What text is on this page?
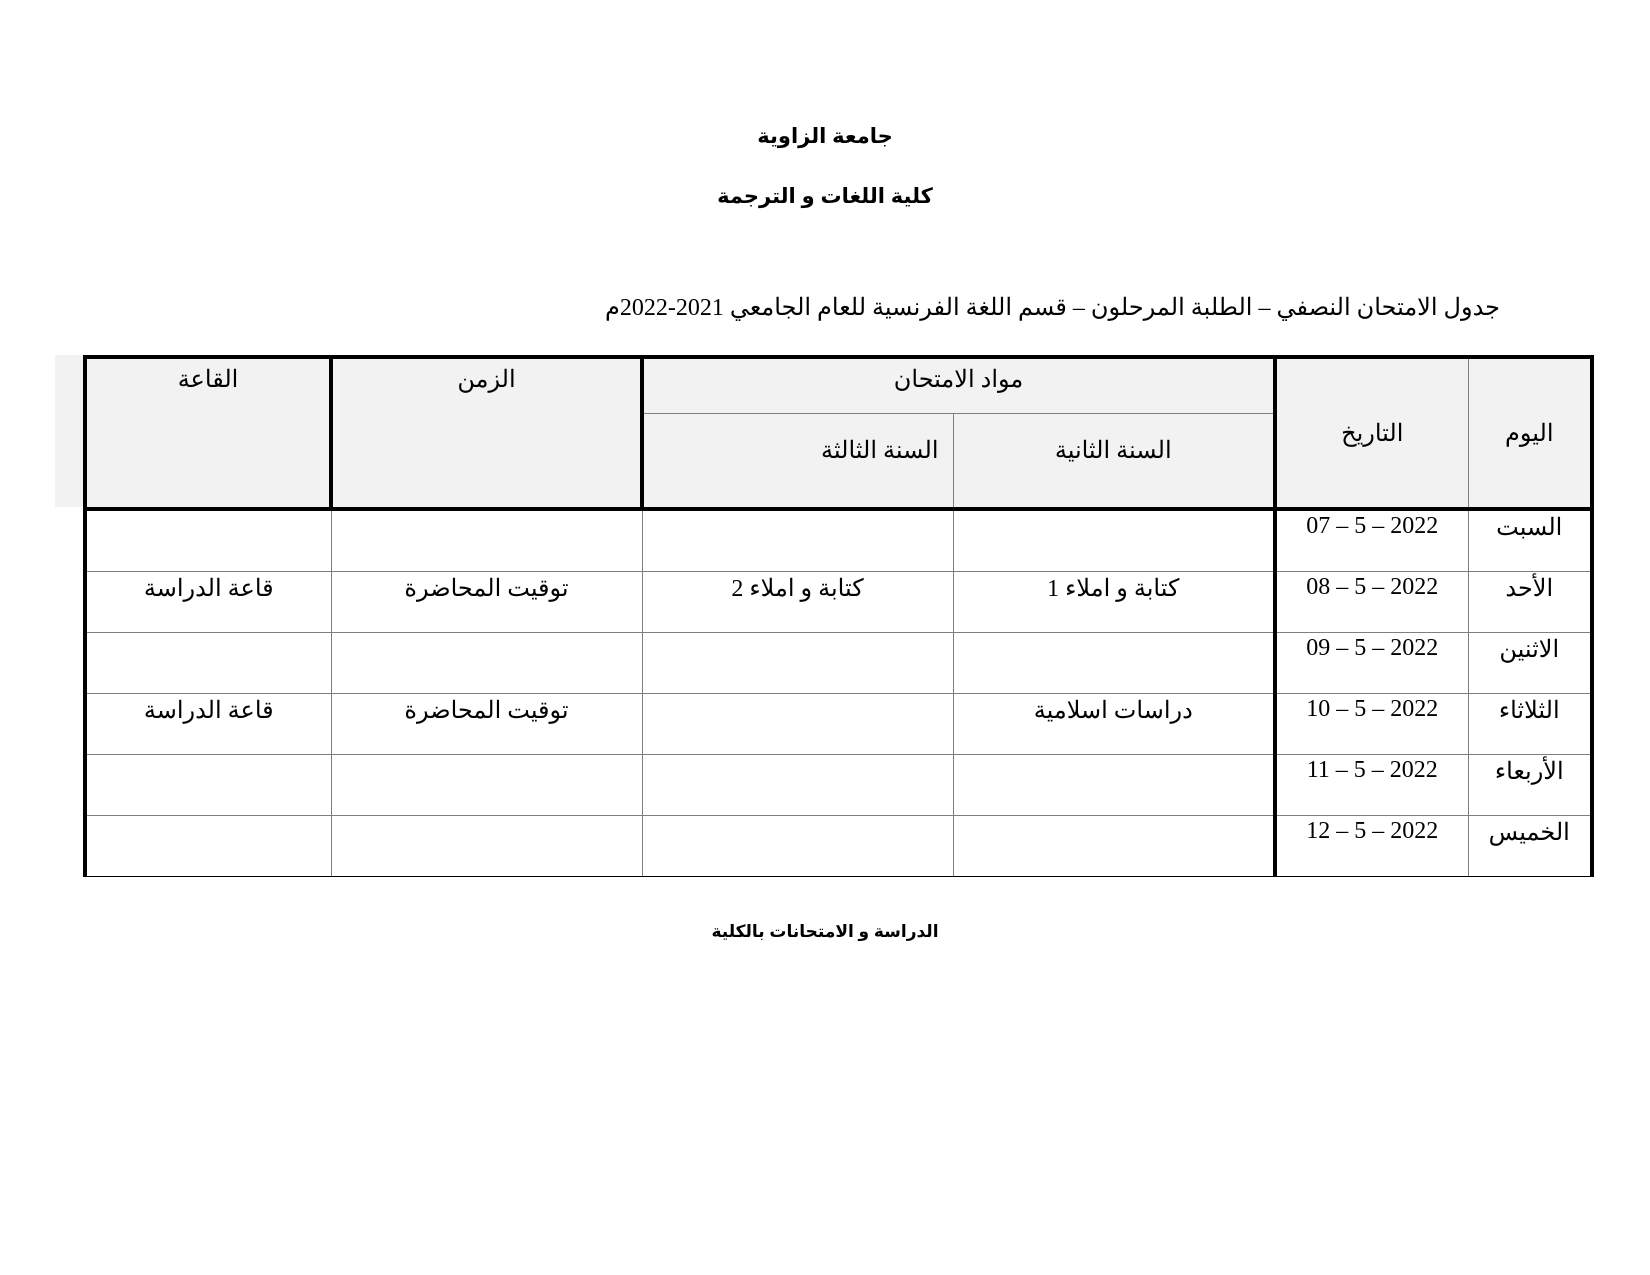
جامعة الزاوية
كلية اللغات و الترجمة
جدول الامتحان النصفي – الطلبة المرحلون – قسم اللغة الفرنسية للعام الجامعي 2021-2022م
اليوم	التاريخ	مواد الامتحان		الزمن	القاعة
		السنة الثانية	السنة الثالثة		
السبت	07 – 5 – 2022				
الأحد	08 – 5 – 2022	كتابة و املاء 1	كتابة و املاء 2	توقيت المحاضرة	قاعة الدراسة
الاثنين	09 – 5 – 2022				
الثلاثاء	10 – 5 – 2022	دراسات اسلامية		توقيت المحاضرة	قاعة الدراسة
الأربعاء	11 – 5 – 2022				
الخميس	12 – 5 – 2022				
الدراسة و الامتحانات بالكلية
